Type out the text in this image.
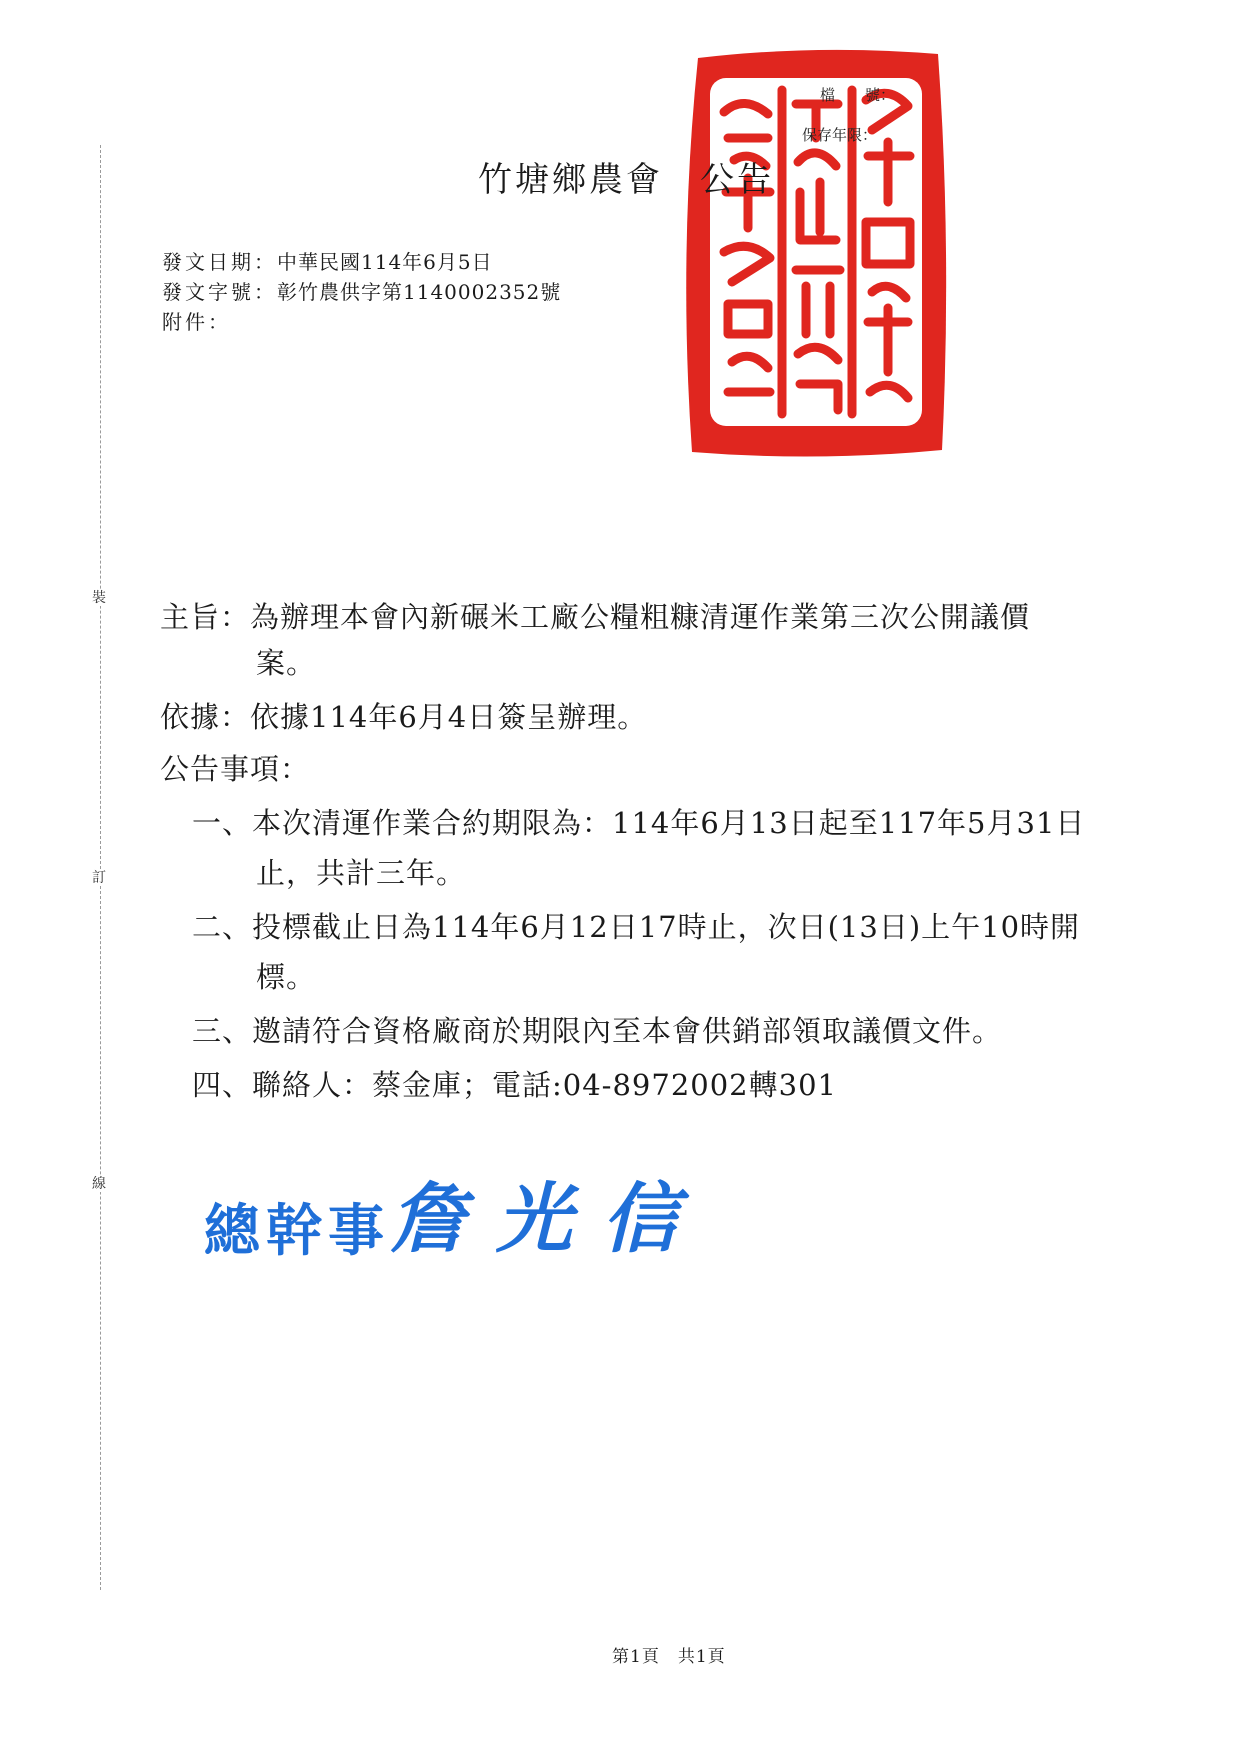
裝
訂
線
檔　　號：
保存年限：
竹塘鄉農會　公告
發文日期：中華民國114年6月5日
發文字號：彰竹農供字第1140002352號
附件：
主旨：為辦理本會內新碾米工廠公糧粗糠清運作業第三次公開議價
案。
依據：依據114年6月4日簽呈辦理。
公告事項：
一、本次清運作業合約期限為：114年6月13日起至117年5月31日
止，共計三年。
二、投標截止日為114年6月12日17時止，次日(13日)上午10時開
標。
三、邀請符合資格廠商於期限內至本會供銷部領取議價文件。
四、聯絡人：蔡金庫；電話:04-8972002轉301
總幹事詹光信
第1頁　共1頁
